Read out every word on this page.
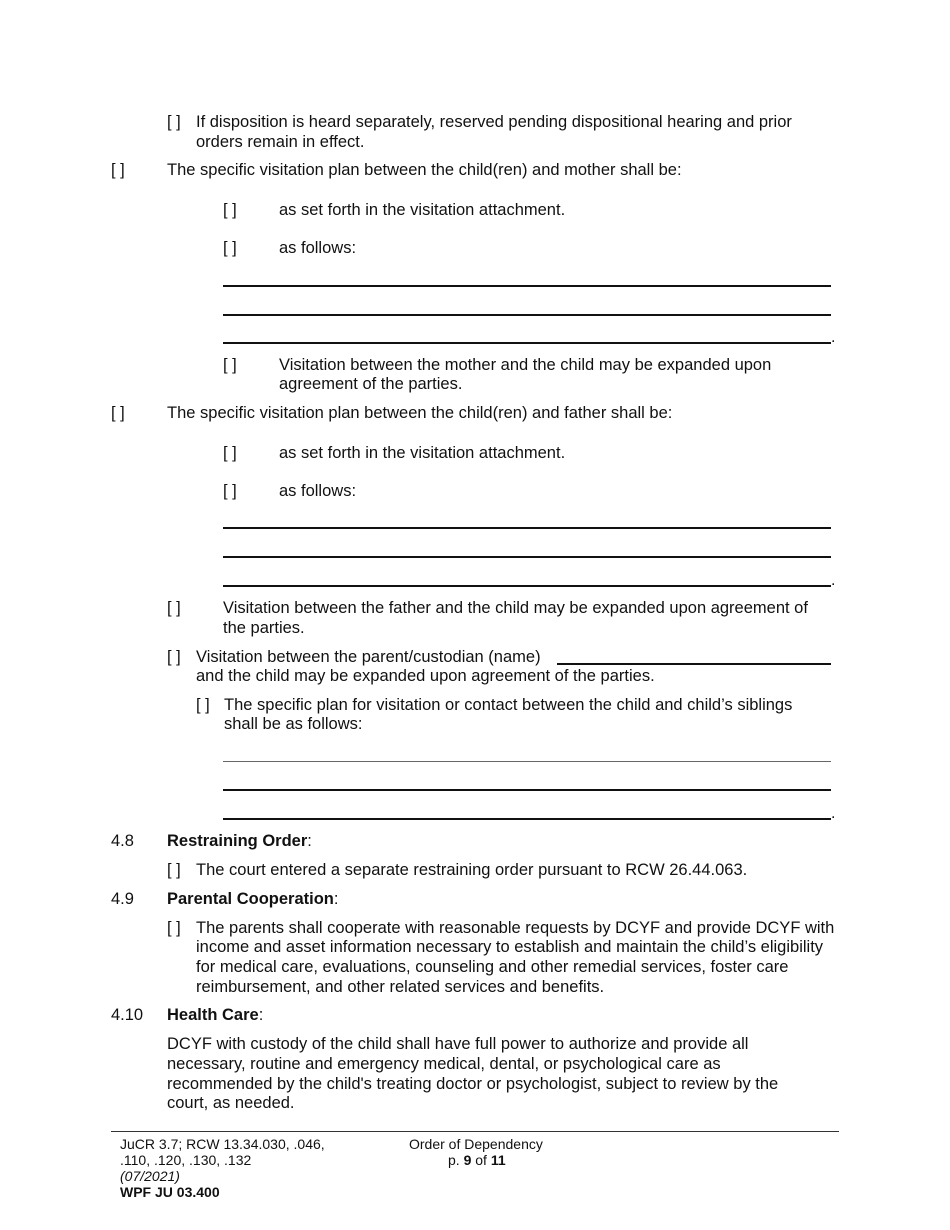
[ ] If disposition is heard separately, reserved pending dispositional hearing and prior
orders remain in effect.
[ ]	The specific visitation plan between the child(ren) and mother shall be:
[ ]	as set forth in the visitation attachment.
[ ]	as follows:
.
[ ]	Visitation between the mother and the child may be expanded upon
agreement of the parties.
[ ]	The specific visitation plan between the child(ren) and father shall be:
[ ]	as set forth in the visitation attachment.
[ ]	as follows:
.
[ ]	Visitation between the father and the child may be expanded upon agreement of
the parties.
[ ] Visitation between the parent/custodian (name)
and the child may be expanded upon agreement of the parties.
[ ] The specific plan for visitation or contact between the child and child’s siblings
shall be as follows:
.
4.8 Restraining Order:
[ ] The court entered a separate restraining order pursuant to RCW 26.44.063.
4.9 Parental Cooperation:
[ ] The parents shall cooperate with reasonable requests by DCYF and provide DCYF with
income and asset information necessary to establish and maintain the child’s eligibility
for medical care, evaluations, counseling and other remedial services, foster care
reimbursement, and other related services and benefits.
4.10 Health Care:
DCYF with custody of the child shall have full power to authorize and provide all
necessary, routine and emergency medical, dental, or psychological care as
recommended by the child's treating doctor or psychologist, subject to review by the
court, as needed.
JuCR 3.7; RCW 13.34.030, .046,
.110, .120, .130, .132
(07/2021)
WPF JU 03.400
Order of Dependency
p. 9 of 11
